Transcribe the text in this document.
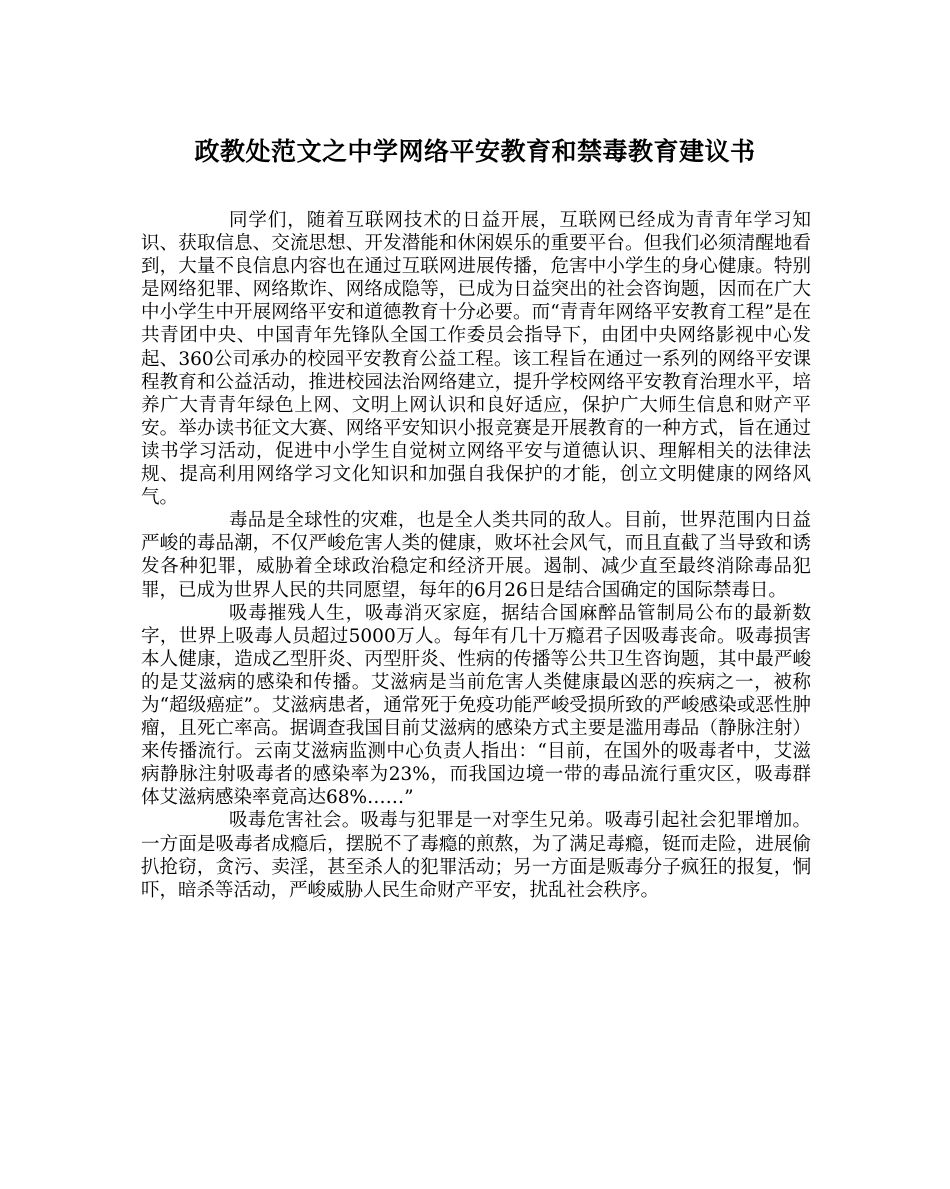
政教处范文之中学网络平安教育和禁毒教育建议书

同学们，随着互联网技术的日益开展，互联网已经成为青青年学习知识、获取信息、交流思想、开发潜能和休闲娱乐的重要平台。但我们必须清醒地看到，大量不良信息内容也在通过互联网进展传播，危害中小学生的身心健康。特别是网络犯罪、网络欺诈、网络成隐等，已成为日益突出的社会咨询题，因而在广大中小学生中开展网络平安和道德教育十分必要。而“青青年网络平安教育工程”是在共青团中央、中国青年先锋队全国工作委员会指导下，由团中央网络影视中心发起、360公司承办的校园平安教育公益工程。该工程旨在通过一系列的网络平安课程教育和公益活动，推进校园法治网络建立，提升学校网络平安教育治理水平，培养广大青青年绿色上网、文明上网认识和良好适应，保护广大师生信息和财产平安。举办读书征文大赛、网络平安知识小报竞赛是开展教育的一种方式，旨在通过读书学习活动，促进中小学生自觉树立网络平安与道德认识、理解相关的法律法规、提高利用网络学习文化知识和加强自我保护的才能，创立文明健康的网络风气。

毒品是全球性的灾难，也是全人类共同的敌人。目前，世界范围内日益严峻的毒品潮，不仅严峻危害人类的健康，败坏社会风气，而且直截了当导致和诱发各种犯罪，威胁着全球政治稳定和经济开展。遏制、减少直至最终消除毒品犯罪，已成为世界人民的共同愿望，每年的6月26日是结合国确定的国际禁毒日。

吸毒摧残人生，吸毒消灭家庭，据结合国麻醉品管制局公布的最新数字，世界上吸毒人员超过5000万人。每年有几十万瘾君子因吸毒丧命。吸毒损害本人健康，造成乙型肝炎、丙型肝炎、性病的传播等公共卫生咨询题，其中最严峻的是艾滋病的感染和传播。艾滋病是当前危害人类健康最凶恶的疾病之一，被称为“超级癌症”。艾滋病患者，通常死于免疫功能严峻受损所致的严峻感染或恶性肿瘤，且死亡率高。据调查我国目前艾滋病的感染方式主要是滥用毒品（静脉注射）来传播流行。云南艾滋病监测中心负责人指出：“目前，在国外的吸毒者中，艾滋病静脉注射吸毒者的感染率为23%，而我国边境一带的毒品流行重灾区，吸毒群体艾滋病感染率竟高达68%……”

吸毒危害社会。吸毒与犯罪是一对孪生兄弟。吸毒引起社会犯罪增加。一方面是吸毒者成瘾后，摆脱不了毒瘾的煎熬，为了满足毒瘾，铤而走险，进展偷扒抢窃，贪污、卖淫，甚至杀人的犯罪活动；另一方面是贩毒分子疯狂的报复，恫吓，暗杀等活动，严峻威胁人民生命财产平安，扰乱社会秩序。
